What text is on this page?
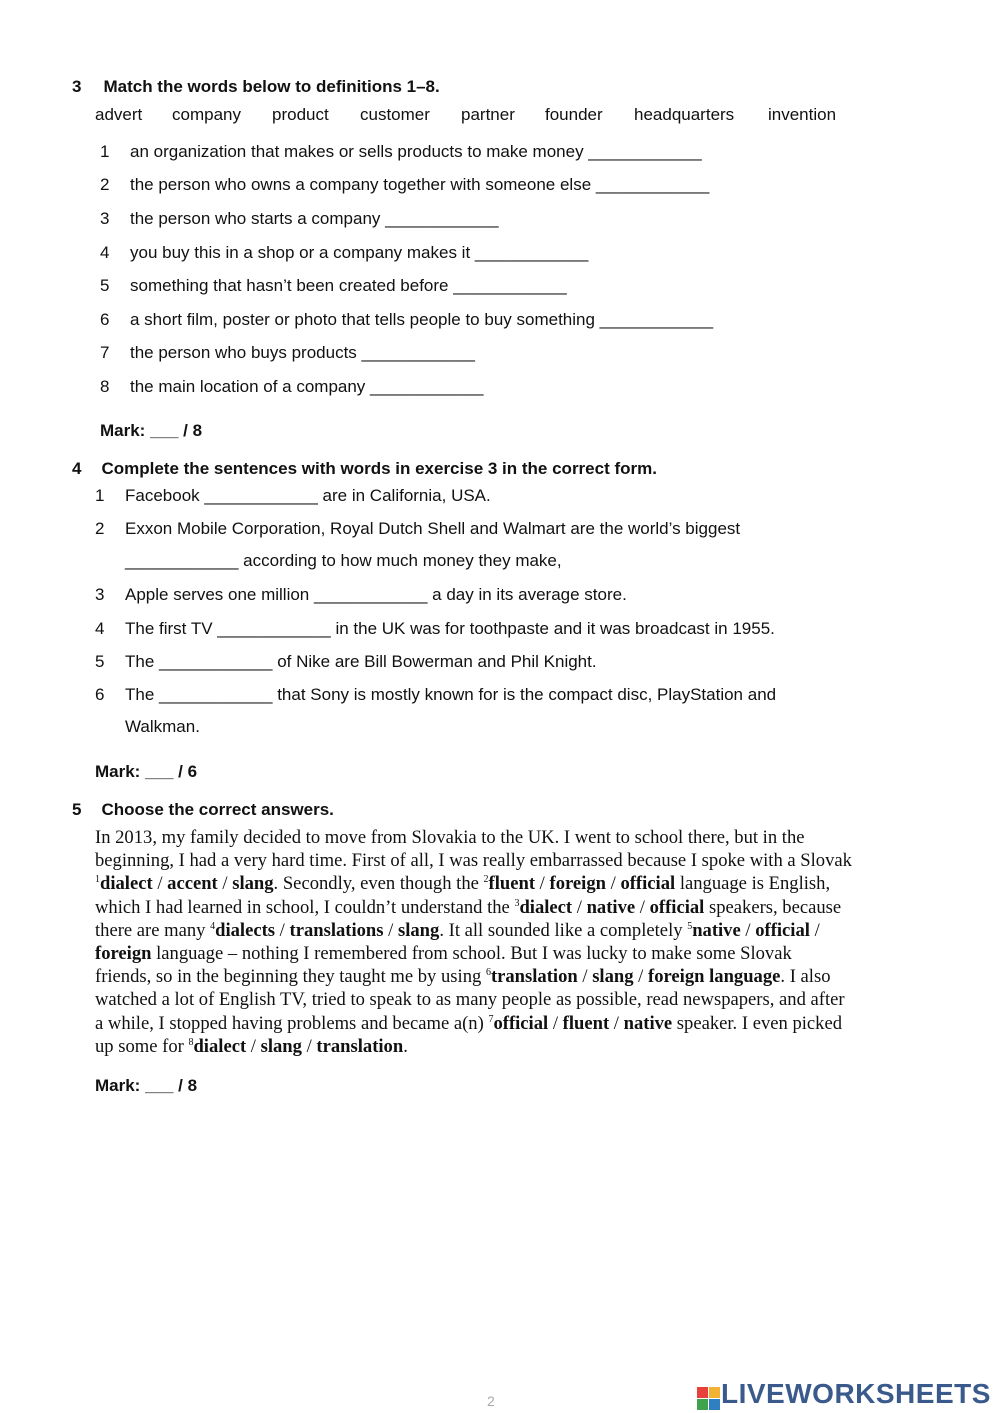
3 Match the words below to definitions 1–8.
advert company product customer partner founder headquarters invention
1 an organization that makes or sells products to make money ____________
2 the person who owns a company together with someone else ____________
3 the person who starts a company ____________
4 you buy this in a shop or a company makes it ____________
5 something that hasn’t been created before ____________
6 a short film, poster or photo that tells people to buy something ____________
7 the person who buys products ____________
8 the main location of a company ____________
Mark: ___ / 8
4 Complete the sentences with words in exercise 3 in the correct form.
1 Facebook ____________ are in California, USA.
2 Exxon Mobile Corporation, Royal Dutch Shell and Walmart are the world’s biggest
____________ according to how much money they make,
3 Apple serves one million ____________ a day in its average store.
4 The first TV ____________ in the UK was for toothpaste and it was broadcast in 1955.
5 The ____________ of Nike are Bill Bowerman and Phil Knight.
6 The ____________ that Sony is mostly known for is the compact disc, PlayStation and
Walkman.
Mark: ___ / 6
5 Choose the correct answers.
In 2013, my family decided to move from Slovakia to the UK. I went to school there, but in the
beginning, I had a very hard time. First of all, I was really embarrassed because I spoke with a Slovak
$^1$dialect / accent / slang. Secondly, even though the $^2$fluent / foreign / official language is English,
which I had learned in school, I couldn’t understand the $^3$dialect / native / official speakers, because
there are many $^4$dialects / translations / slang. It all sounded like a completely $^5$native / official /
foreign language – nothing I remembered from school. But I was lucky to make some Slovak
friends, so in the beginning they taught me by using $^6$translation / slang / foreign language. I also
watched a lot of English TV, tried to speak to as many people as possible, read newspapers, and after
a while, I stopped having problems and became a(n) $^7$official / fluent / native speaker. I even picked
up some for $^8$dialect / slang / translation.
Mark: ___ / 8
2	LIVEWORKSHEETS
